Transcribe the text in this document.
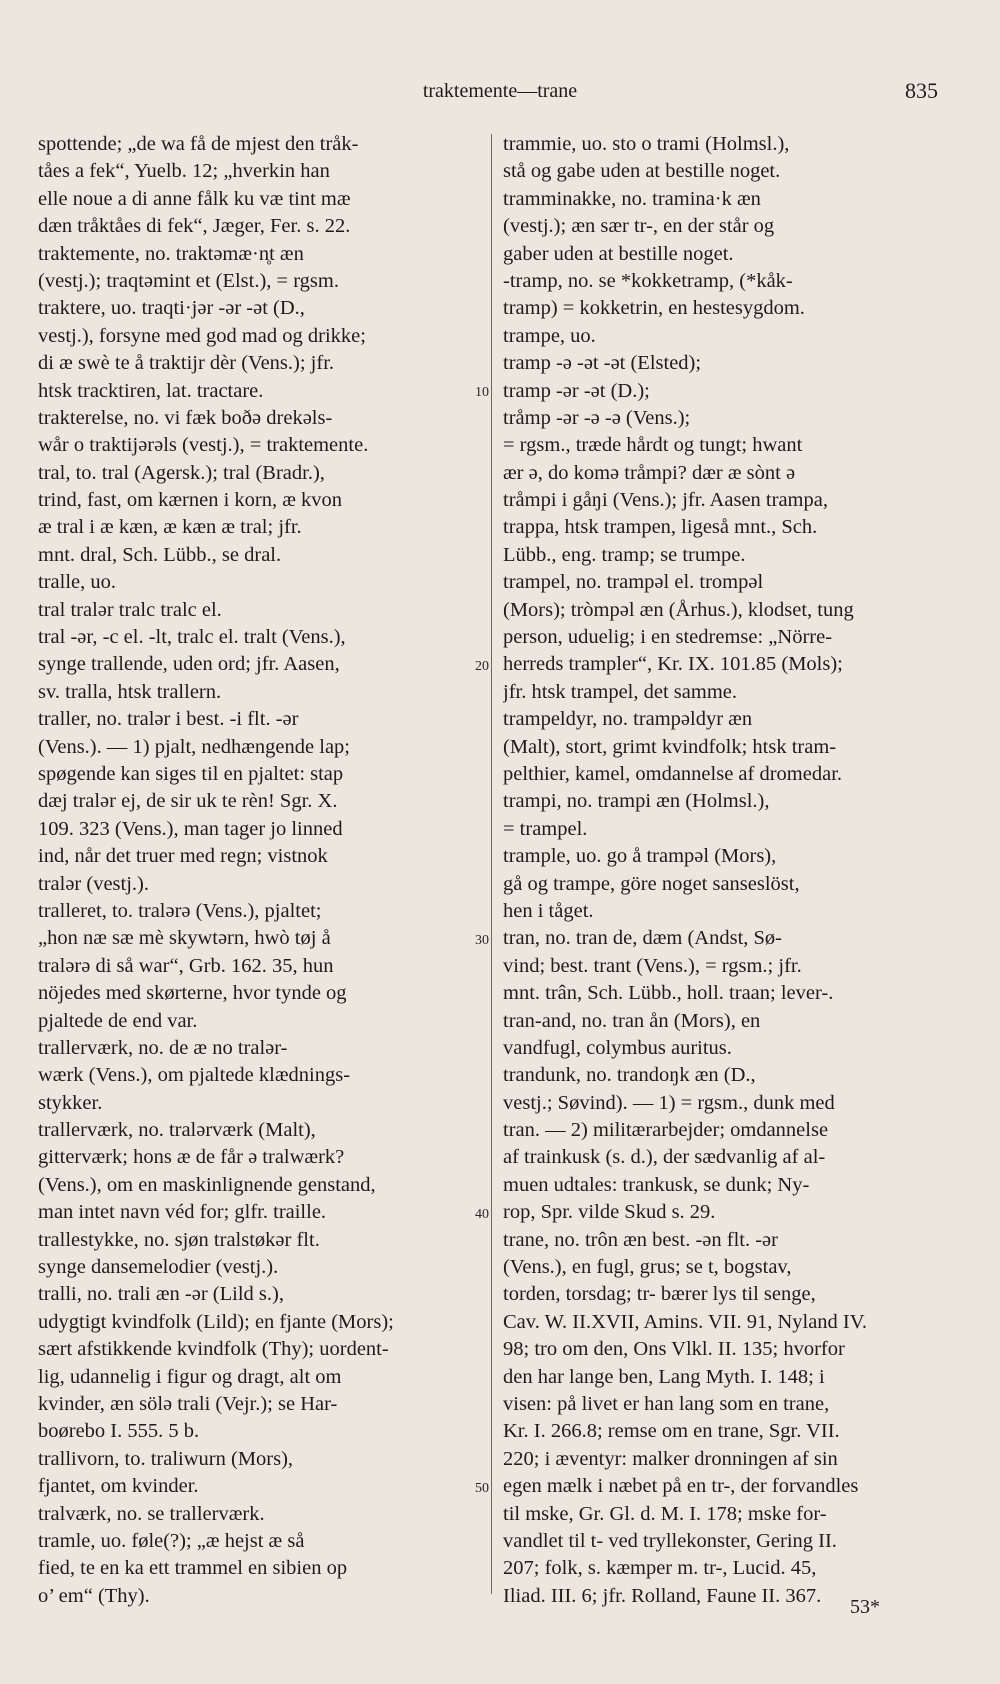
traktemente—trane	835
spottende; „de wa få de mjest den tråk-
tåes a fek“, Yuelb. 12; „hverkin han
elle noue a di anne fålk ku væ tint mæ
dæn tråktåes di fek“, Jæger, Fer. s. 22.
traktemente, no. traktəmæ·n̥t æn
(vestj.); traqtəmint et (Elst.), = rgsm.
traktere, uo. traqti·jər -ər -ət (D.,
vestj.), forsyne med god mad og drikke;
di æ swè te å traktijr dèr (Vens.); jfr.
htsk tracktiren, lat. tractare.
trakterelse, no. vi fæk boðə drekəls-
wår o traktijərəls (vestj.), = traktemente.
tral, to. tral (Agersk.); tral (Bradr.),
trind, fast, om kærnen i korn, æ kvon
æ tral i æ kæn, æ kæn æ tral; jfr.
mnt. dral, Sch. Lübb., se dral.
tralle, uo.
tral tralər tralc tralc el.
tral -ər, -c el. -lt, tralc el. tralt (Vens.),
synge trallende, uden ord; jfr. Aasen,
sv. tralla, htsk trallern.
traller, no. tralər i best. -i flt. -ər
(Vens.). — 1) pjalt, nedhængende lap;
spøgende kan siges til en pjaltet: stap
dæj tralər ej, de sir uk te rèn! Sgr. X.
109. 323 (Vens.), man tager jo linned
ind, når det truer med regn; vistnok
tralər (vestj.).
tralleret, to. tralərə (Vens.), pjaltet;
„hon næ sæ mè skywtərn, hwò tøj å
tralərə di så war“, Grb. 162. 35, hun
nöjedes med skørterne, hvor tynde og
pjaltede de end var.
trallerværk, no. de æ no tralər-
wærk (Vens.), om pjaltede klædnings-
stykker.
trallerværk, no. tralərværk (Malt),
gitterværk; hons æ de får ə tralwærk?
(Vens.), om en maskinlignende genstand,
man intet navn véd for; glfr. traille.
trallestykke, no. sjøn tralstøkər flt.
synge dansemelodier (vestj.).
tralli, no. trali æn -ər (Lild s.),
udygtigt kvindfolk (Lild); en fjante (Mors);
sært afstikkende kvindfolk (Thy); uordent-
lig, udannelig i figur og dragt, alt om
kvinder, æn sölə trali (Vejr.); se Har-
boørebo I. 555. 5 b.
trallivorn, to. traliwurn (Mors),
fjantet, om kvinder.
tralværk, no. se trallerværk.
tramle, uo. føle(?); „æ hejst æ så
fied, te en ka ett trammel en sibien op
o’ em“ (Thy).
trammie, uo. sto o trami (Holmsl.),
stå og gabe uden at bestille noget.
tramminakke, no. tramina·k æn
(vestj.); æn sær tr-, en der står og
gaber uden at bestille noget.
-tramp, no. se *kokketramp, (*kåk-
tramp) = kokketrin, en hestesygdom.
trampe, uo.
tramp -ə -ət -ət (Elsted);
tramp -ər -ət (D.);
tråmp -ər -ə -ə (Vens.);
= rgsm., træde hårdt og tungt; hwant
ær ə, do komə tråmpi? dær æ sònt ə
tråmpi i gåŋi (Vens.); jfr. Aasen trampa,
trappa, htsk trampen, ligeså mnt., Sch.
Lübb., eng. tramp; se trumpe.
trampel, no. trampəl el. trompəl
(Mors); tròmpəl æn (Århus.), klodset, tung
person, uduelig; i en stedremse: „Nörre-
herreds trampler“, Kr. IX. 101.85 (Mols);
jfr. htsk trampel, det samme.
trampeldyr, no. trampəldyr æn
(Malt), stort, grimt kvindfolk; htsk tram-
pelthier, kamel, omdannelse af dromedar.
trampi, no. trampi æn (Holmsl.),
= trampel.
trample, uo. go å trampəl (Mors),
gå og trampe, göre noget sanseslöst,
hen i tåget.
tran, no. tran de, dæm (Andst, Sø-
vind; best. trant (Vens.), = rgsm.; jfr.
mnt. trân, Sch. Lübb., holl. traan; lever-.
tran-and, no. tran ån (Mors), en
vandfugl, colymbus auritus.
trandunk, no. trandoŋk æn (D.,
vestj.; Søvind). — 1) = rgsm., dunk med
tran. — 2) militærarbejder; omdannelse
af trainkusk (s. d.), der sædvanlig af al-
muen udtales: trankusk, se dunk; Ny-
rop, Spr. vilde Skud s. 29.
trane, no. trôn æn best. -ən flt. -ər
(Vens.), en fugl, grus; se t, bogstav,
torden, torsdag; tr- bærer lys til senge,
Cav. W. II.XVII, Amins. VII. 91, Nyland IV.
98; tro om den, Ons Vlkl. II. 135; hvorfor
den har lange ben, Lang Myth. I. 148; i
visen: på livet er han lang som en trane,
Kr. I. 266.8; remse om en trane, Sgr. VII.
220; i æventyr: malker dronningen af sin
egen mælk i næbet på en tr-, der forvandles
til mske, Gr. Gl. d. M. I. 178; mske for-
vandlet til t- ved tryllekonster, Gering II.
207; folk, s. kæmper m. tr-, Lucid. 45,
Iliad. III. 6; jfr. Rolland, Faune II. 367.
10
20
30
40
50
53*
